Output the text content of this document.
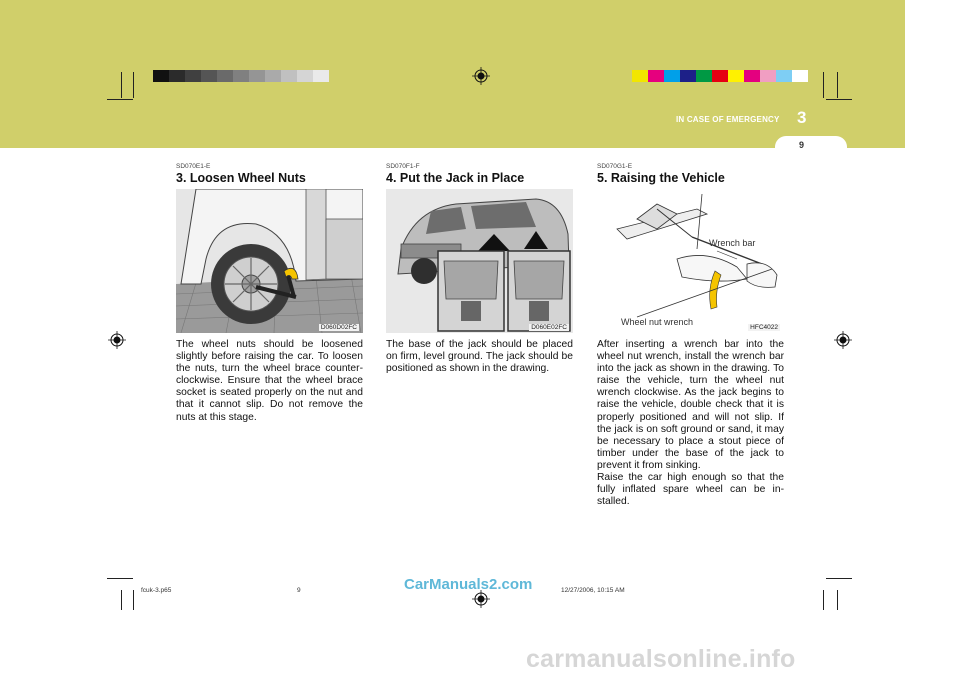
IN CASE OF EMERGENCY 3
9

SD070E1-E

3. Loosen Wheel Nuts

D060D02FC

The wheel nuts should be loosened slightly before raising the car. To loosen the nuts, turn the wheel brace counter-clockwise. Ensure that the wheel brace socket is seated properly on the nut and that it cannot slip. Do not remove the nuts at this stage.

SD070F1-F

4. Put the Jack in Place

D060E02FC

The base of the jack should be placed on firm, level ground. The jack should be positioned as shown in the drawing.

SD070G1-E

5. Raising the Vehicle

Wrench bar
Wheel nut wrench
HFC4022

After inserting a wrench bar into the wheel nut wrench, install the wrench bar into the jack as shown in the drawing. To raise the vehicle, turn the wheel nut wrench clockwise. As the jack begins to raise the vehicle, double check that it is properly positioned and will not slip. If the jack is on soft ground or sand, it may be necessary to place a stout piece of timber under the base of the jack to prevent it from sinking.
Raise the car high enough so that the fully inflated spare wheel can be in-stalled.

fcuk-3.p65	9	12/27/2006, 10:15 AM
CarManuals2.com
carmanualsonline.info
